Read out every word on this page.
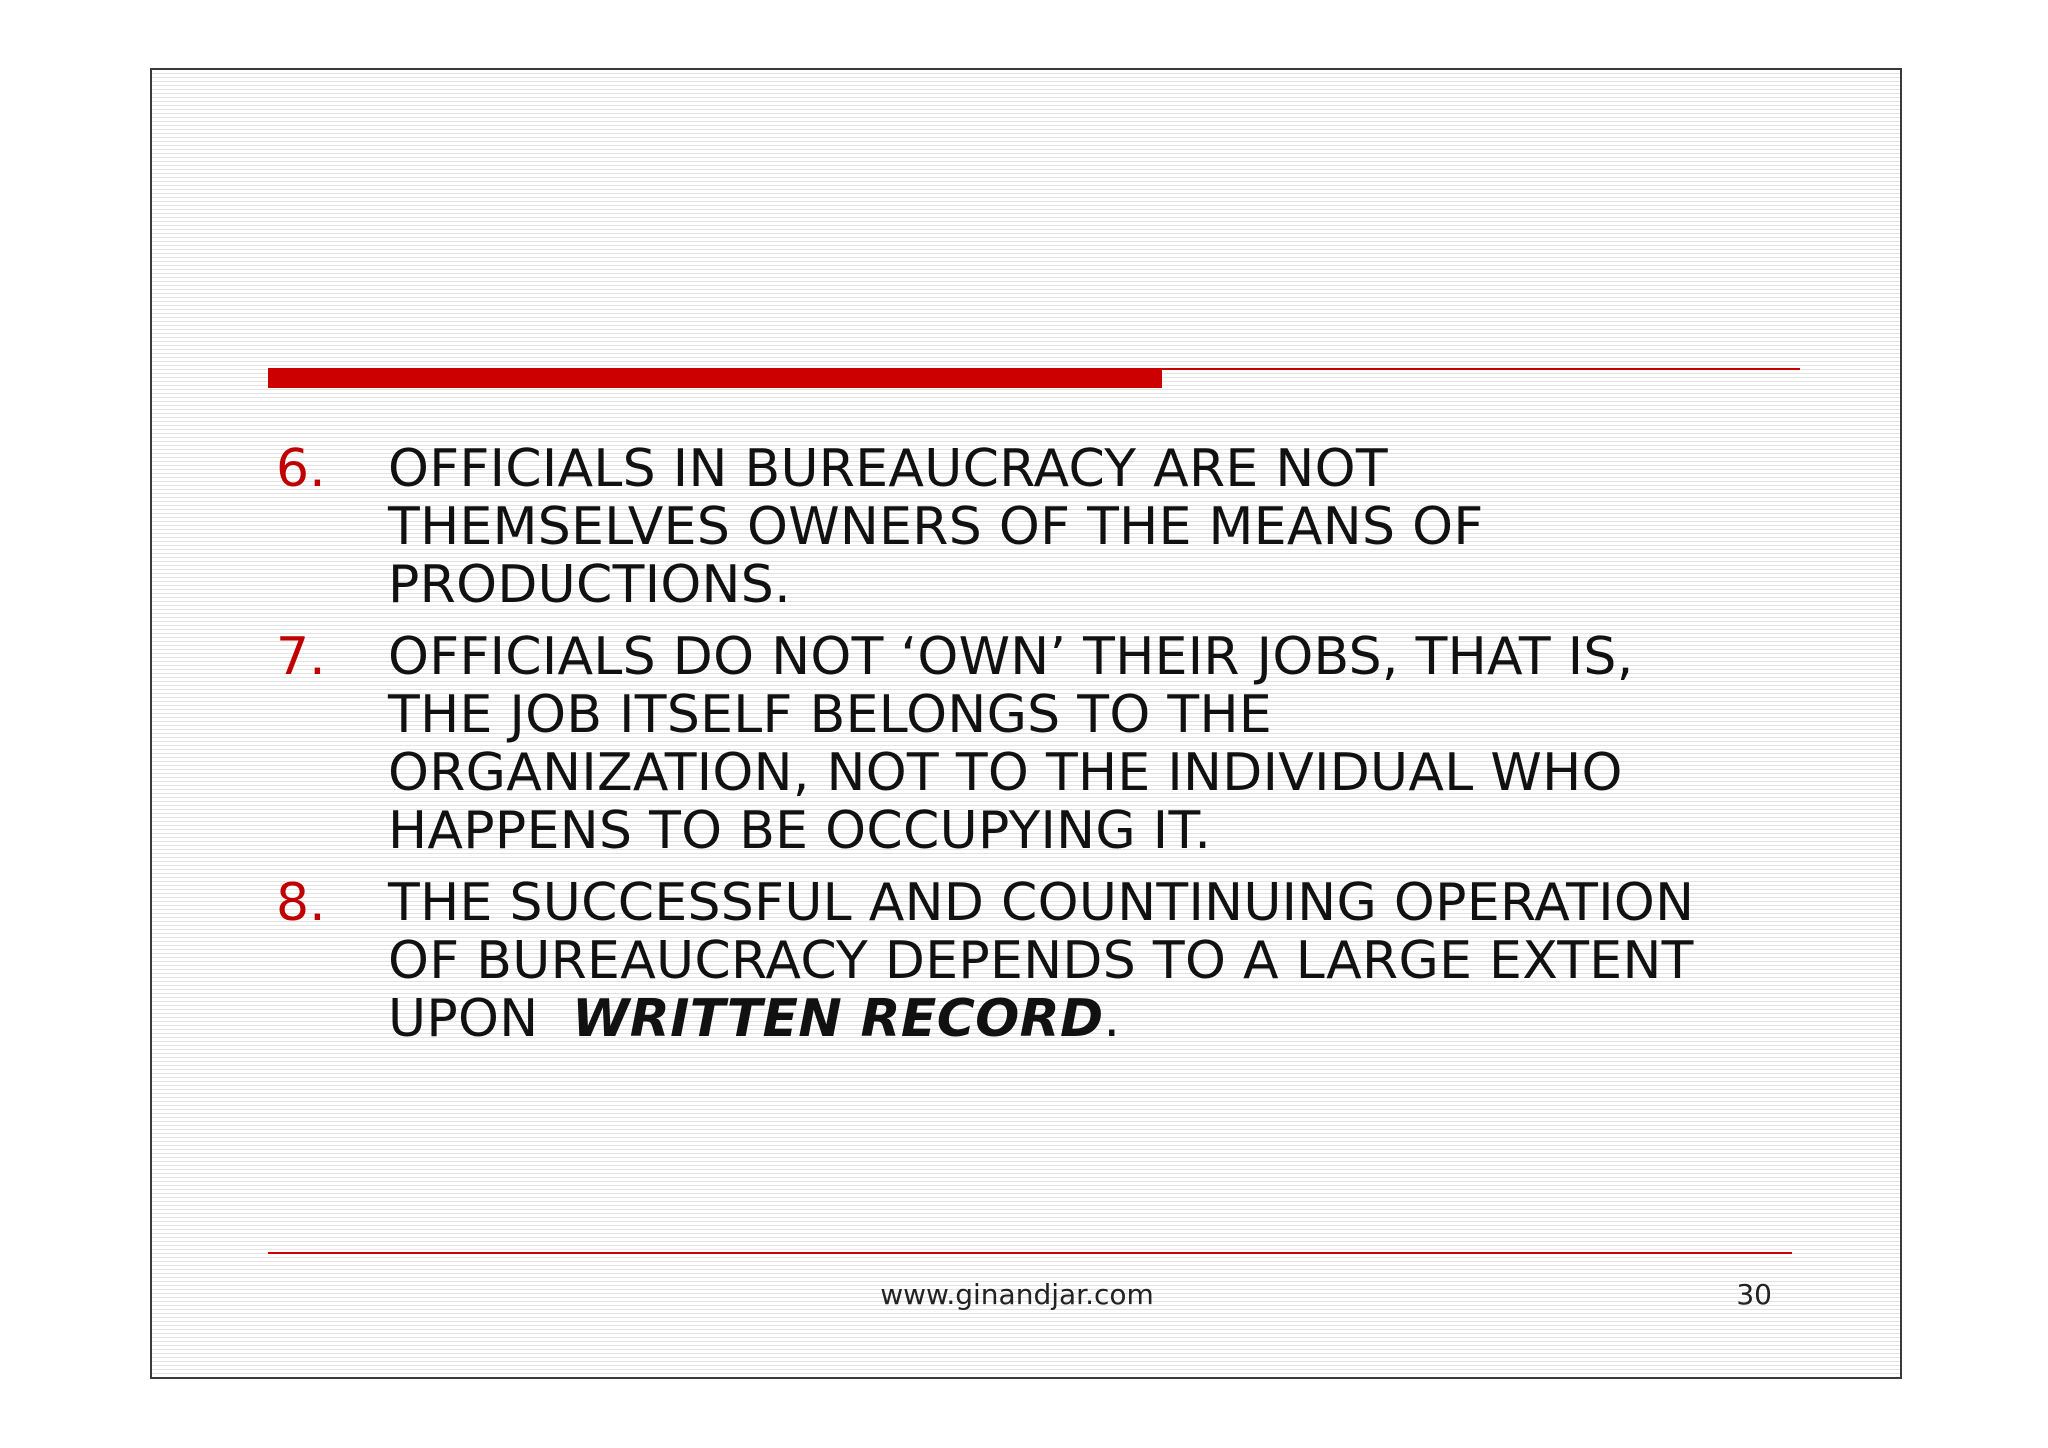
6.	OFFICIALS IN BUREAUCRACY ARE NOT
THEMSELVES OWNERS OF THE MEANS OF
PRODUCTIONS.
7.	OFFICIALS DO NOT ‘OWN’ THEIR JOBS, THAT IS,
THE JOB ITSELF BELONGS TO THE
ORGANIZATION, NOT TO THE INDIVIDUAL WHO
HAPPENS TO BE OCCUPYING IT.
8.	THE SUCCESSFUL AND COUNTINUING OPERATION
OF BUREAUCRACY DEPENDS TO A LARGE EXTENT
UPON  WRITTEN RECORD.
www.ginandjar.com	30
